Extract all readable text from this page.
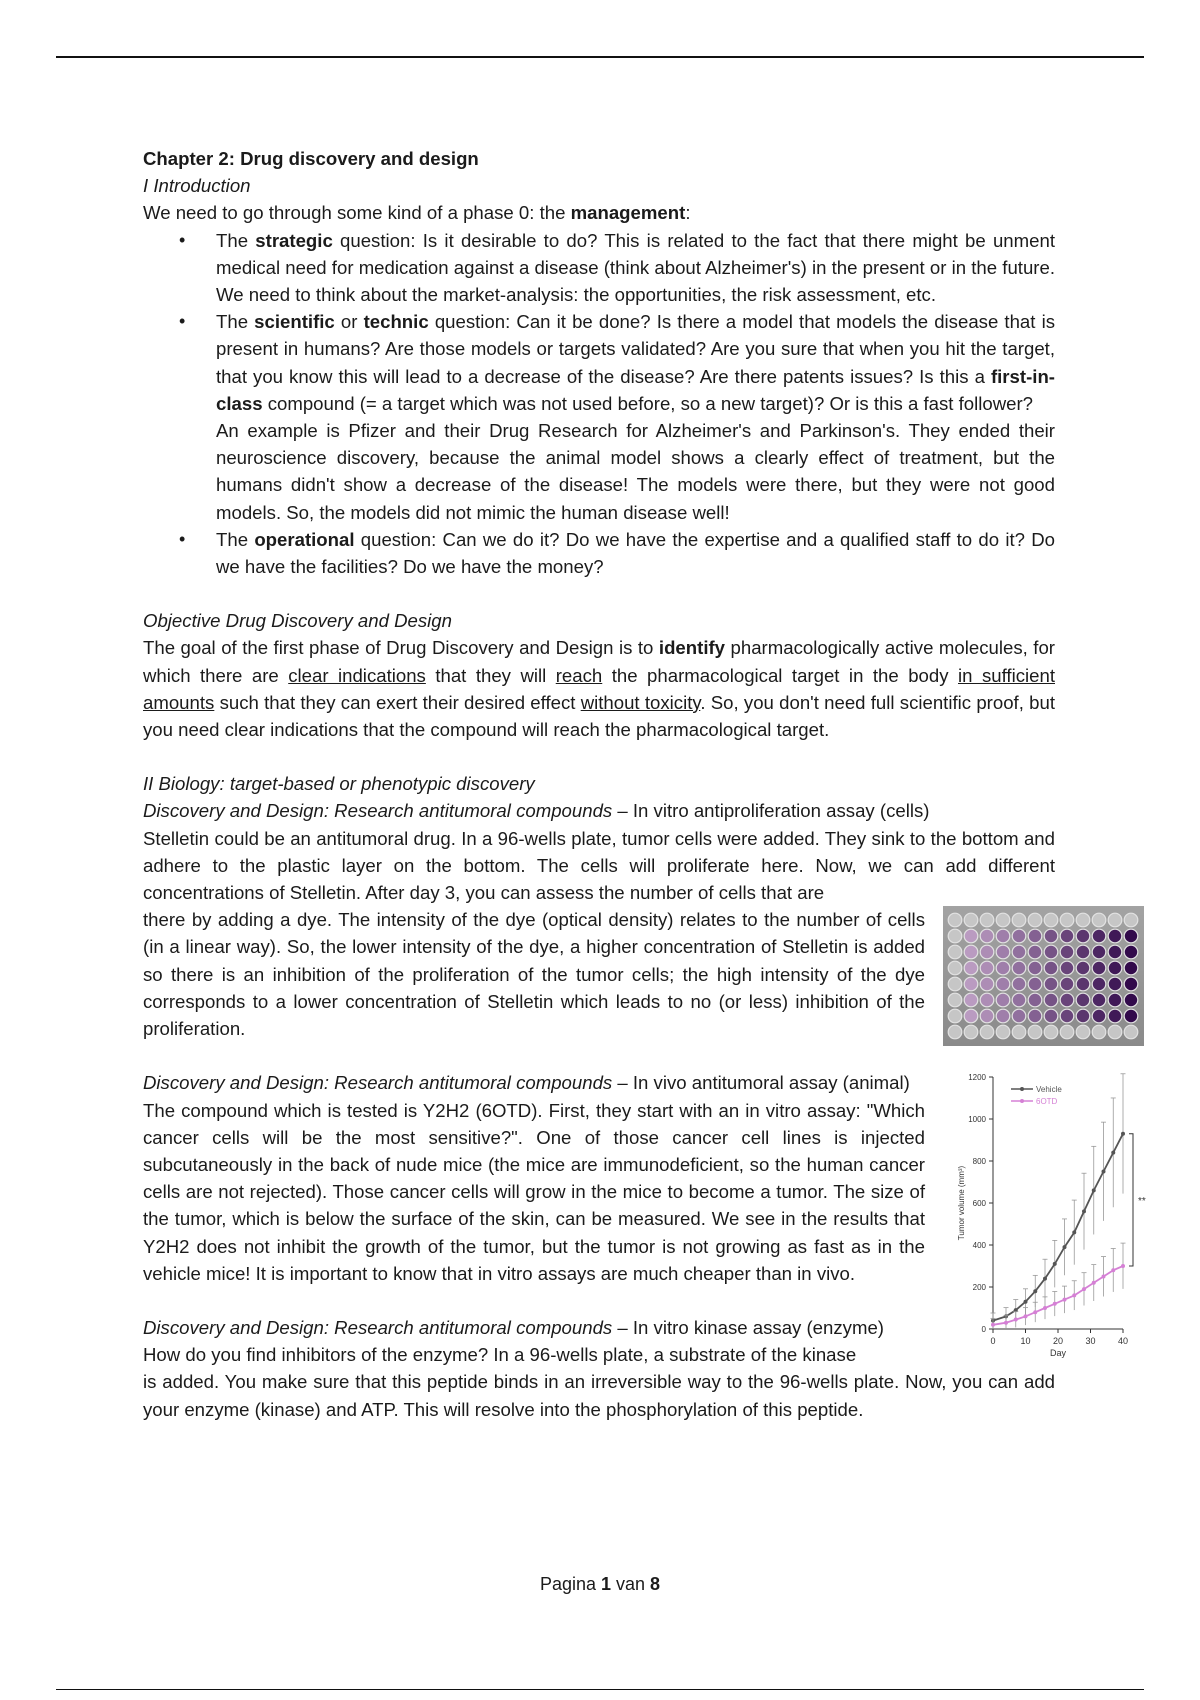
Chapter 2: Drug discovery and design

I Introduction

We need to go through some kind of a phase 0: the management:

• The strategic question: Is it desirable to do? This is related to the fact that there might be unment medical need for medication against a disease (think about Alzheimer's) in the present or in the future. We need to think about the market-analysis: the opportunities, the risk assessment, etc.

• The scientific or technic question: Can it be done? Is there a model that models the disease that is present in humans? Are those models or targets validated? Are you sure that when you hit the target, that you know this will lead to a decrease of the disease? Are there patents issues? Is this a first-in-class compound (= a target which was not used before, so a new target)? Or is this a fast follower?

An example is Pfizer and their Drug Research for Alzheimer's and Parkinson's. They ended their neuroscience discovery, because the animal model shows a clearly effect of treatment, but the humans didn't show a decrease of the disease! The models were there, but they were not good models. So, the models did not mimic the human disease well!

• The operational question: Can we do it? Do we have the expertise and a qualified staff to do it? Do we have the facilities? Do we have the money?

Objective Drug Discovery and Design

The goal of the first phase of Drug Discovery and Design is to identify pharmacologically active molecules, for which there are clear indications that they will reach the pharmacological target in the body in sufficient amounts such that they can exert their desired effect without toxicity. So, you don't need full scientific proof, but you need clear indications that the compound will reach the pharmacological target.

II Biology: target-based or phenotypic discovery

Discovery and Design: Research antitumoral compounds – In vitro antiproliferation assay (cells)

Stelletin could be an antitumoral drug. In a 96-wells plate, tumor cells were added. They sink to the bottom and adhere to the plastic layer on the bottom. The cells will proliferate here. Now, we can add different concentrations of Stelletin. After day 3, you can assess the number of cells that are

there by adding a dye. The intensity of the dye (optical density) relates to the number of cells (in a linear way). So, the lower intensity of the dye, a higher concentration of Stelletin is added so there is an inhibition of the proliferation of the tumor cells; the high intensity of the dye corresponds to a lower concentration of Stelletin which leads to no (or less) inhibition of the proliferation.

Discovery and Design: Research antitumoral compounds – In vivo antitumoral assay (animal)

The compound which is tested is Y2H2 (6OTD). First, they start with an in vitro assay: "Which cancer cells will be the most sensitive?". One of those cancer cell lines is injected subcutaneously in the back of nude mice (the mice are immunodeficient, so the human cancer cells are not rejected). Those cancer cells will grow in the mice to become a tumor. The size of the tumor, which is below the surface of the skin, can be measured. We see in the results that Y2H2 does not inhibit the growth of the tumor, but the tumor is not growing as fast as in the vehicle mice! It is important to know that in vitro assays are much cheaper than in vivo.

Discovery and Design: Research antitumoral compounds – In vitro kinase assay (enzyme)

How do you find inhibitors of the enzyme? In a 96-wells plate, a substrate of the kinase

0
200
400
600
800
1000
1200
0	10 20 30 40
Day
Tumor volume (mm³)
Vehicle
6OTD
**

is added. You make sure that this peptide binds in an irreversible way to the 96-wells plate. Now, you can add your enzyme (kinase) and ATP. This will resolve into the phosphorylation of this peptide.

Pagina 1 van 8
